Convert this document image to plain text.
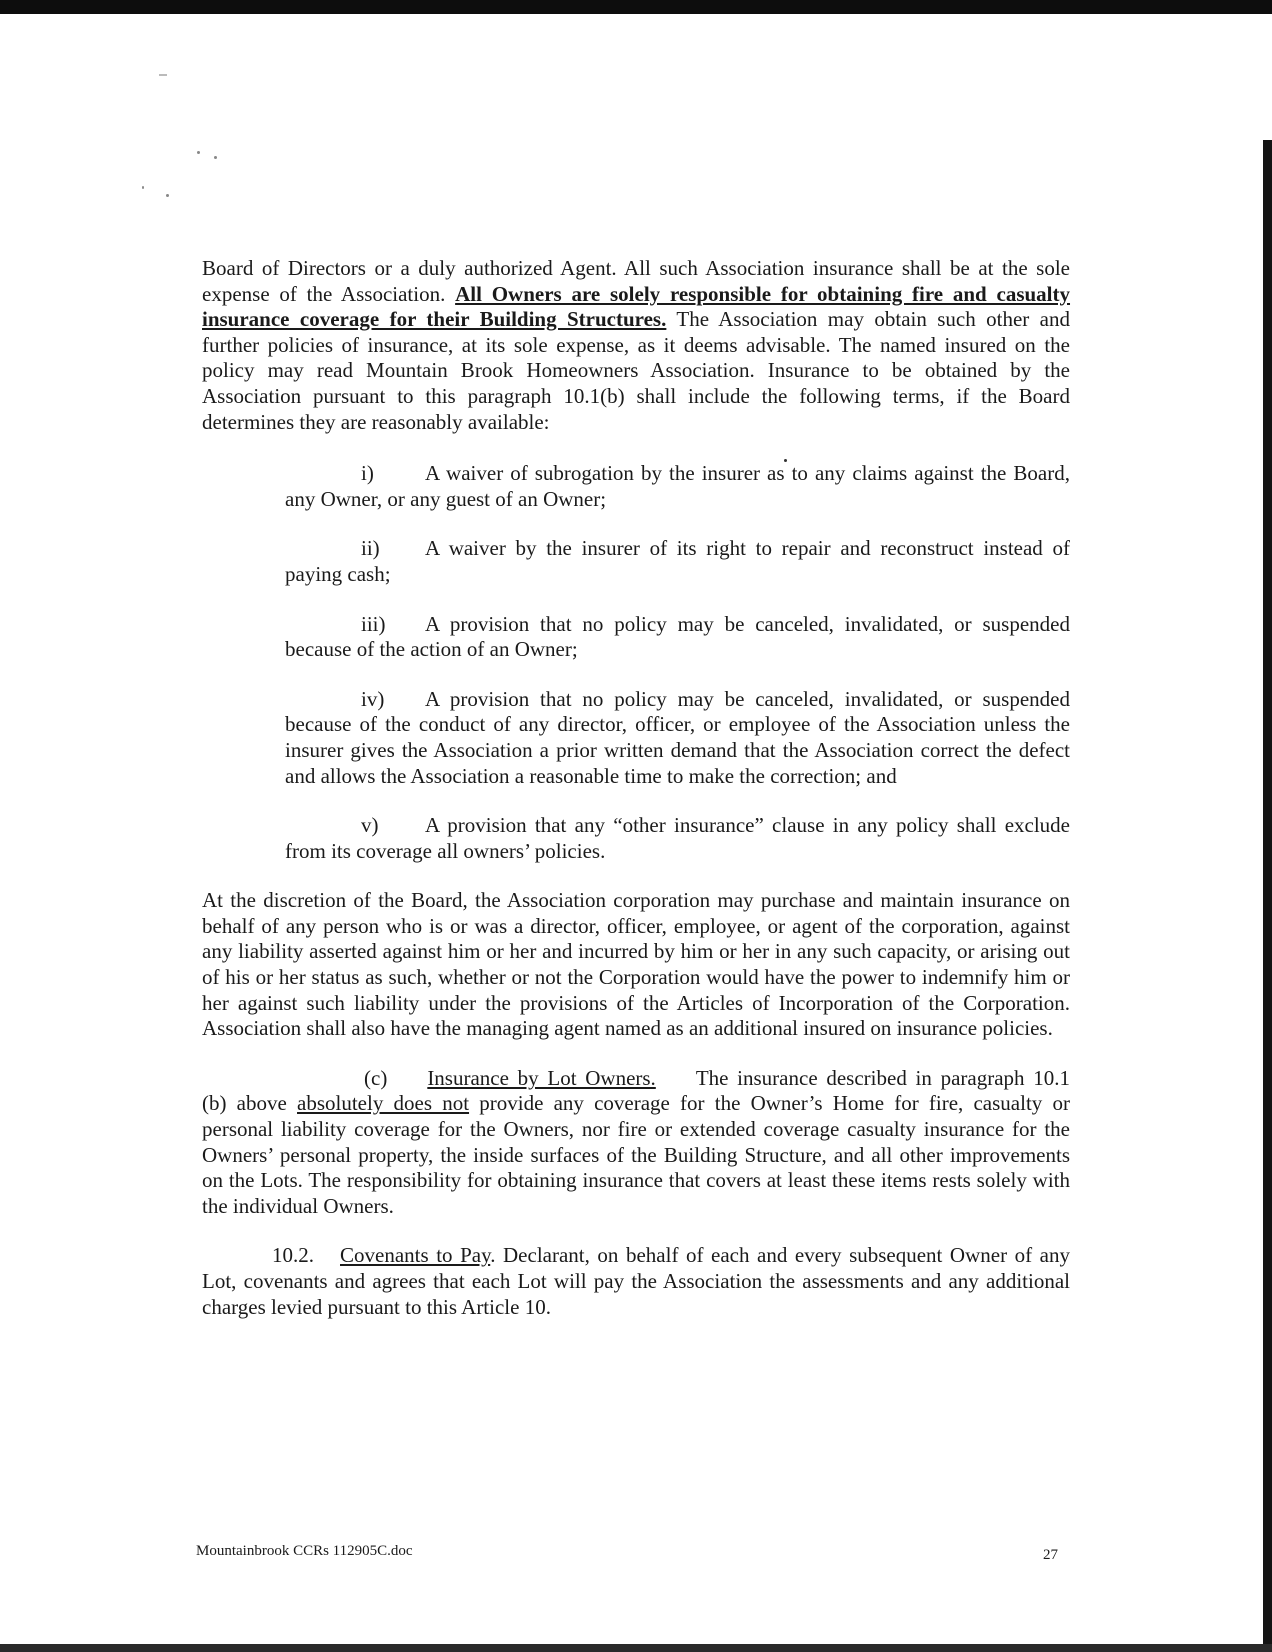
Board of Directors or a duly authorized Agent. All such Association insurance shall be at the sole expense of the Association. All Owners are solely responsible for obtaining fire and casualty insurance coverage for their Building Structures. The Association may obtain such other and further policies of insurance, at its sole expense, as it deems advisable. The named insured on the policy may read Mountain Brook Homeowners Association. Insurance to be obtained by the Association pursuant to this paragraph 10.1(b) shall include the following terms, if the Board determines they are reasonably available:

i) A waiver of subrogation by the insurer as to any claims against the Board, any Owner, or any guest of an Owner;

ii) A waiver by the insurer of its right to repair and reconstruct instead of paying cash;

iii) A provision that no policy may be canceled, invalidated, or suspended because of the action of an Owner;

iv) A provision that no policy may be canceled, invalidated, or suspended because of the conduct of any director, officer, or employee of the Association unless the insurer gives the Association a prior written demand that the Association correct the defect and allows the Association a reasonable time to make the correction; and

v) A provision that any “other insurance” clause in any policy shall exclude from its coverage all owners’ policies.

At the discretion of the Board, the Association corporation may purchase and maintain insurance on behalf of any person who is or was a director, officer, employee, or agent of the corporation, against any liability asserted against him or her and incurred by him or her in any such capacity, or arising out of his or her status as such, whether or not the Corporation would have the power to indemnify him or her against such liability under the provisions of the Articles of Incorporation of the Corporation. Association shall also have the managing agent named as an additional insured on insurance policies.

(c) Insurance by Lot Owners. The insurance described in paragraph 10.1 (b) above absolutely does not provide any coverage for the Owner’s Home for fire, casualty or personal liability coverage for the Owners, nor fire or extended coverage casualty insurance for the Owners’ personal property, the inside surfaces of the Building Structure, and all other improvements on the Lots. The responsibility for obtaining insurance that covers at least these items rests solely with the individual Owners.

10.2. Covenants to Pay. Declarant, on behalf of each and every subsequent Owner of any Lot, covenants and agrees that each Lot will pay the Association the assessments and any additional charges levied pursuant to this Article 10.

Mountainbrook CCRs 112905C.doc	27
